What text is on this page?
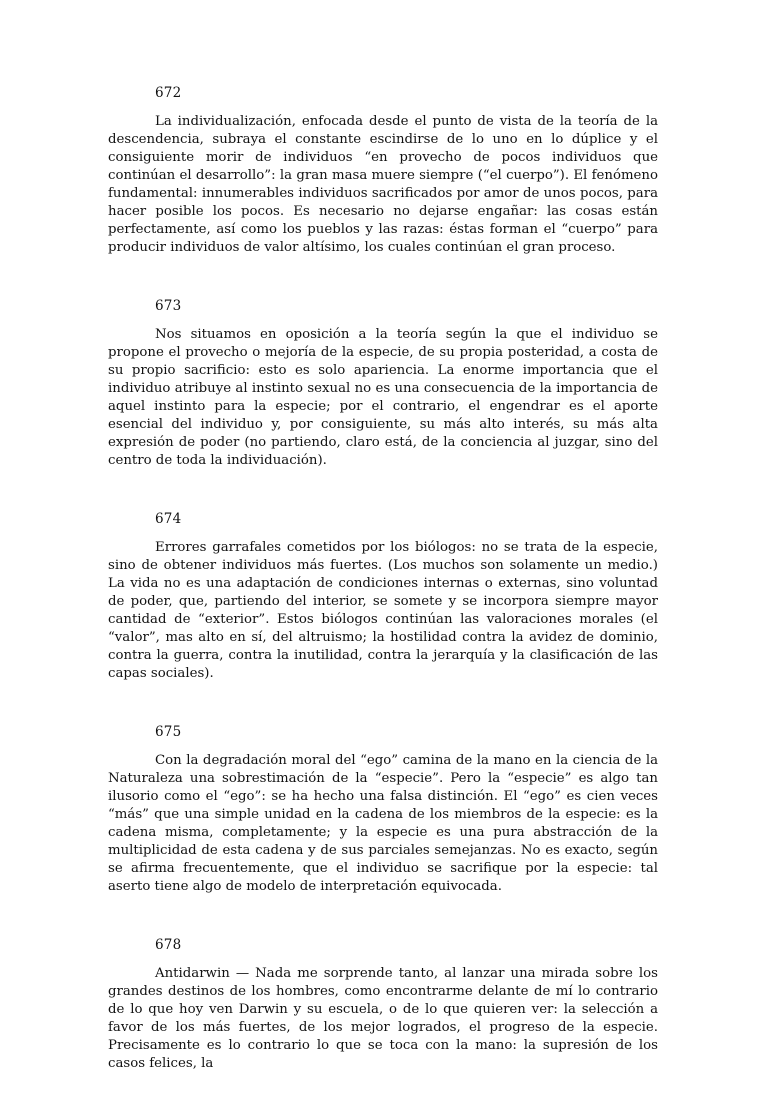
672

La individualización, enfocada desde el punto de vista de la teoría de la descendencia, subraya el constante escindirse de lo uno en lo dúplice y el consiguiente morir de individuos “en provecho de pocos individuos que continúan el desarrollo”: la gran masa muere siempre (“el cuerpo”). El fenómeno fundamental: innumerables individuos sacrificados por amor de unos pocos, para hacer posible los pocos. Es necesario no dejarse engañar: las cosas están perfectamente, así como los pueblos y las razas: éstas forman el “cuerpo” para producir individuos de valor altísimo, los cuales continúan el gran proceso.

673

Nos situamos en oposición a la teoría según la que el individuo se propone el provecho o mejoría de la especie, de su propia posteridad, a costa de su propio sacrificio: esto es solo apariencia. La enorme importancia que el individuo atribuye al instinto sexual no es una consecuencia de la importancia de aquel instinto para la especie; por el contrario, el engendrar es el aporte esencial del individuo y, por consiguiente, su más alto interés, su más alta expresión de poder (no partiendo, claro está, de la conciencia al juzgar, sino del centro de toda la individuación).

674

Errores garrafales cometidos por los biólogos: no se trata de la especie, sino de obtener individuos más fuertes. (Los muchos son solamente un medio.) La vida no es una adaptación de condiciones internas o externas, sino voluntad de poder, que, partiendo del interior, se somete y se incorpora siempre mayor cantidad de “exterior”. Estos biólogos continúan las valoraciones morales (el “valor”, mas alto en sí, del altruismo; la hostilidad contra la avidez de dominio, contra la guerra, contra la inutilidad, contra la jerarquía y la clasificación de las capas sociales).

675

Con la degradación moral del “ego” camina de la mano en la ciencia de la Naturaleza una sobrestimación de la “especie”. Pero la “especie” es algo tan ilusorio como el “ego”: se ha hecho una falsa distinción. El “ego” es cien veces “más” que una simple unidad en la cadena de los miembros de la especie: es la cadena misma, completamente; y la especie es una pura abstracción de la multiplicidad de esta cadena y de sus parciales semejanzas. No es exacto, según se afirma frecuentemente, que el individuo se sacrifique por la especie: tal aserto tiene algo de modelo de interpretación equivocada.

678

Antidarwin — Nada me sorprende tanto, al lanzar una mirada sobre los grandes destinos de los hombres, como encontrarme delante de mí lo contrario de lo que hoy ven Darwin y su escuela, o de lo que quieren ver: la selección a favor de los más fuertes, de los mejor logrados, el progreso de la especie. Precisamente es lo contrario lo que se toca con la mano: la supresión de los casos felices, la
